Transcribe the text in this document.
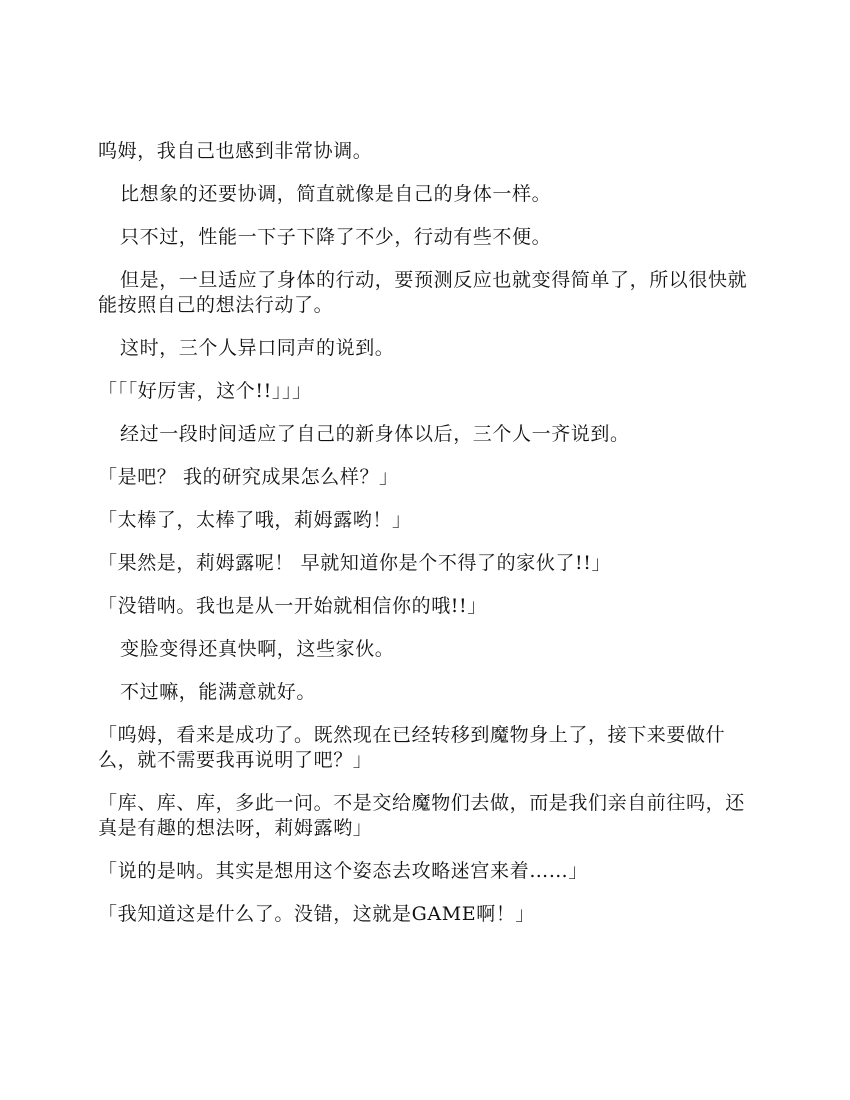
呜姆，我自己也感到非常协调。

比想象的还要协调，简直就像是自己的身体一样。

只不过，性能一下子下降了不少，行动有些不便。

但是，一旦适应了身体的行动，要预测反应也就变得简单了，所以很快就能按照自己的想法行动了。

这时，三个人异口同声的说到。

「「「好厉害，这个!!」」」

经过一段时间适应了自己的新身体以后，三个人一齐说到。

「是吧？ 我的研究成果怎么样？」

「太棒了，太棒了哦，莉姆露哟！」

「果然是，莉姆露呢！ 早就知道你是个不得了的家伙了!!」

「没错呐。我也是从一开始就相信你的哦!!」

变脸变得还真快啊，这些家伙。

不过嘛，能满意就好。

「呜姆，看来是成功了。既然现在已经转移到魔物身上了，接下来要做什么，就不需要我再说明了吧？」

「库、库、库，多此一问。不是交给魔物们去做，而是我们亲自前往吗，还真是有趣的想法呀，莉姆露哟」

「说的是呐。其实是想用这个姿态去攻略迷宫来着……」

「我知道这是什么了。没错，这就是GAME啊！」
